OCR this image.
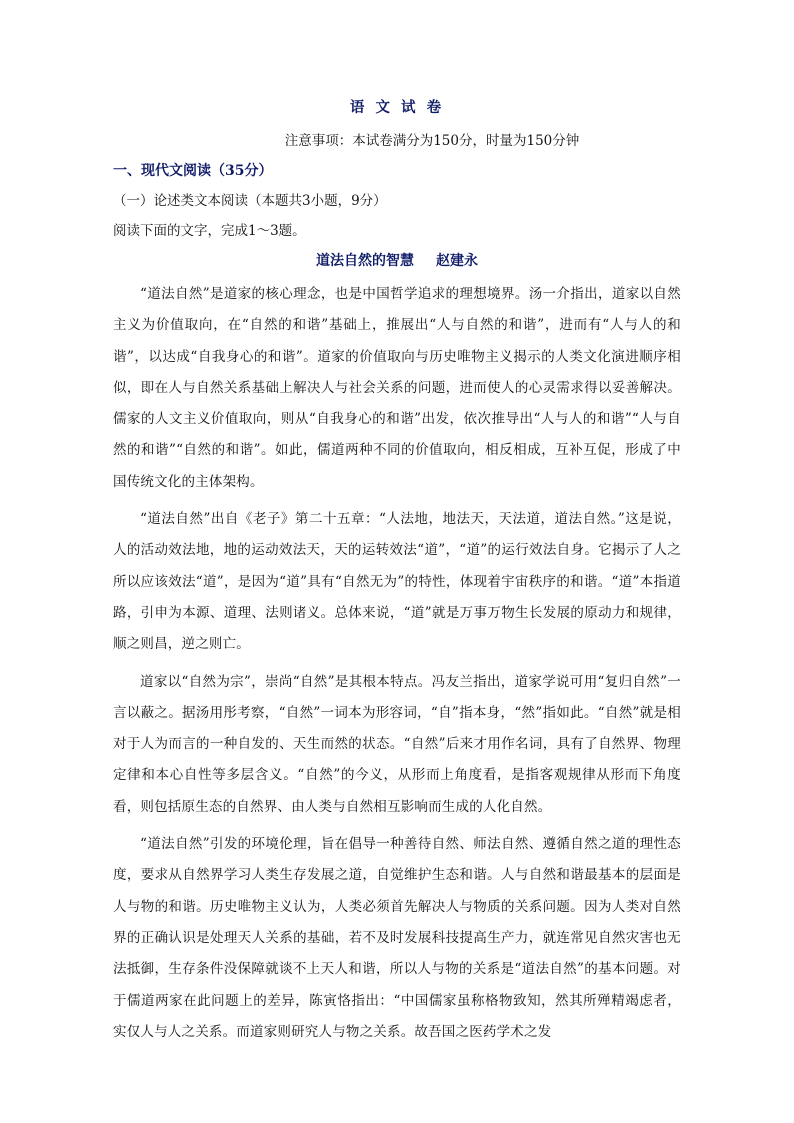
语 文 试 卷
注意事项：本试卷满分为150分，时量为150分钟
一、现代文阅读（35分）
（一）论述类文本阅读（本题共3小题，9分）
阅读下面的文字，完成1～3题。
道法自然的智慧 赵建永

“道法自然”是道家的核心理念，也是中国哲学追求的理想境界。汤一介指出，道家以自然主义为价值取向，在“自然的和谐”基础上，推展出“人与自然的和谐”，进而有“人与人的和谐”，以达成“自我身心的和谐”。道家的价值取向与历史唯物主义揭示的人类文化演进顺序相似，即在人与自然关系基础上解决人与社会关系的问题，进而使人的心灵需求得以妥善解决。儒家的人文主义价值取向，则从“自我身心的和谐”出发，依次推导出“人与人的和谐”“人与自然的和谐”“自然的和谐”。如此，儒道两种不同的价值取向，相反相成，互补互促，形成了中国传统文化的主体架构。

“道法自然”出自《老子》第二十五章：“人法地，地法天，天法道，道法自然。”这是说，人的活动效法地，地的运动效法天，天的运转效法“道”，“道”的运行效法自身。它揭示了人之所以应该效法“道”，是因为“道”具有“自然无为”的特性，体现着宇宙秩序的和谐。“道”本指道路，引申为本源、道理、法则诸义。总体来说，“道”就是万事万物生长发展的原动力和规律，顺之则昌，逆之则亡。

道家以“自然为宗”，崇尚“自然”是其根本特点。冯友兰指出，道家学说可用“复归自然”一言以蔽之。据汤用彤考察，“自然”一词本为形容词，“自”指本身，“然”指如此。“自然”就是相对于人为而言的一种自发的、天生而然的状态。“自然”后来才用作名词，具有了自然界、物理定律和本心自性等多层含义。“自然”的今义，从形而上角度看，是指客观规律从形而下角度看，则包括原生态的自然界、由人类与自然相互影响而生成的人化自然。

“道法自然”引发的环境伦理，旨在倡导一种善待自然、师法自然、遵循自然之道的理性态度，要求从自然界学习人类生存发展之道，自觉维护生态和谐。人与自然和谐最基本的层面是人与物的和谐。历史唯物主义认为，人类必须首先解决人与物质的关系问题。因为人类对自然界的正确认识是处理天人关系的基础，若不及时发展科技提高生产力，就连常见自然灾害也无法抵御，生存条件没保障就谈不上天人和谐，所以人与物的关系是“道法自然”的基本问题。对于儒道两家在此问题上的差异，陈寅恪指出：“中国儒家虽称格物致知，然其所殚精竭虑者，实仅人与人之关系。而道家则研究人与物之关系。故吾国之医药学术之发
